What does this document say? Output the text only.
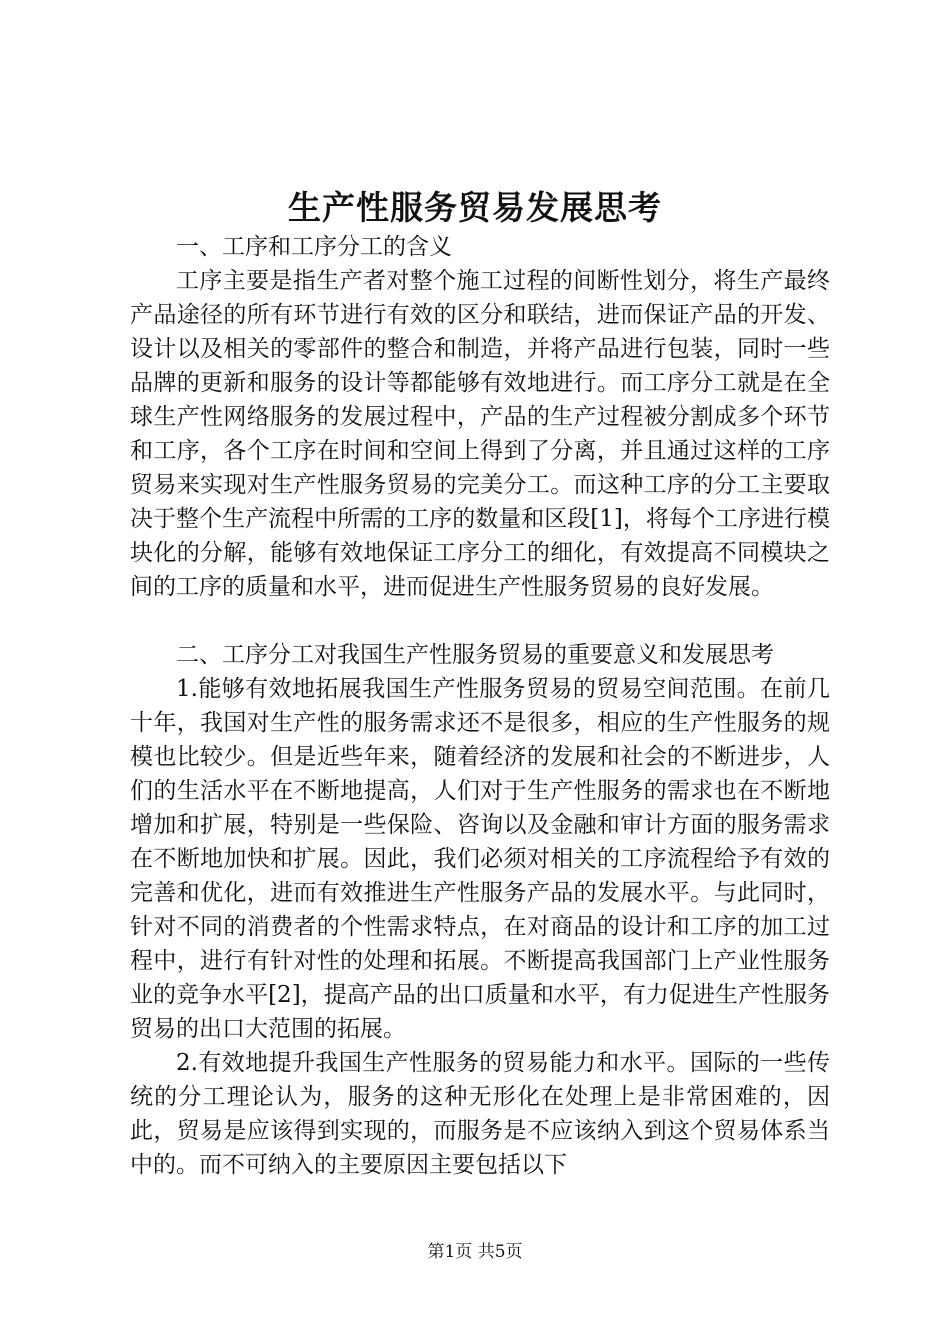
生产性服务贸易发展思考

一、工序和工序分工的含义

工序主要是指生产者对整个施工过程的间断性划分，将生产最终产品途径的所有环节进行有效的区分和联结，进而保证产品的开发、设计以及相关的零部件的整合和制造，并将产品进行包装，同时一些品牌的更新和服务的设计等都能够有效地进行。而工序分工就是在全球生产性网络服务的发展过程中，产品的生产过程被分割成多个环节和工序，各个工序在时间和空间上得到了分离，并且通过这样的工序贸易来实现对生产性服务贸易的完美分工。而这种工序的分工主要取决于整个生产流程中所需的工序的数量和区段[1]，将每个工序进行模块化的分解，能够有效地保证工序分工的细化，有效提高不同模块之间的工序的质量和水平，进而促进生产性服务贸易的良好发展。

二、工序分工对我国生产性服务贸易的重要意义和发展思考

1.能够有效地拓展我国生产性服务贸易的贸易空间范围。在前几十年，我国对生产性的服务需求还不是很多，相应的生产性服务的规模也比较少。但是近些年来，随着经济的发展和社会的不断进步，人们的生活水平在不断地提高，人们对于生产性服务的需求也在不断地增加和扩展，特别是一些保险、咨询以及金融和审计方面的服务需求在不断地加快和扩展。因此，我们必须对相关的工序流程给予有效的完善和优化，进而有效推进生产性服务产品的发展水平。与此同时，针对不同的消费者的个性需求特点，在对商品的设计和工序的加工过程中，进行有针对性的处理和拓展。不断提高我国部门上产业性服务业的竞争水平[2]，提高产品的出口质量和水平，有力促进生产性服务贸易的出口大范围的拓展。

2.有效地提升我国生产性服务的贸易能力和水平。国际的一些传统的分工理论认为，服务的这种无形化在处理上是非常困难的，因此，贸易是应该得到实现的，而服务是不应该纳入到这个贸易体系当中的。而不可纳入的主要原因主要包括以下

第1页 共5页
